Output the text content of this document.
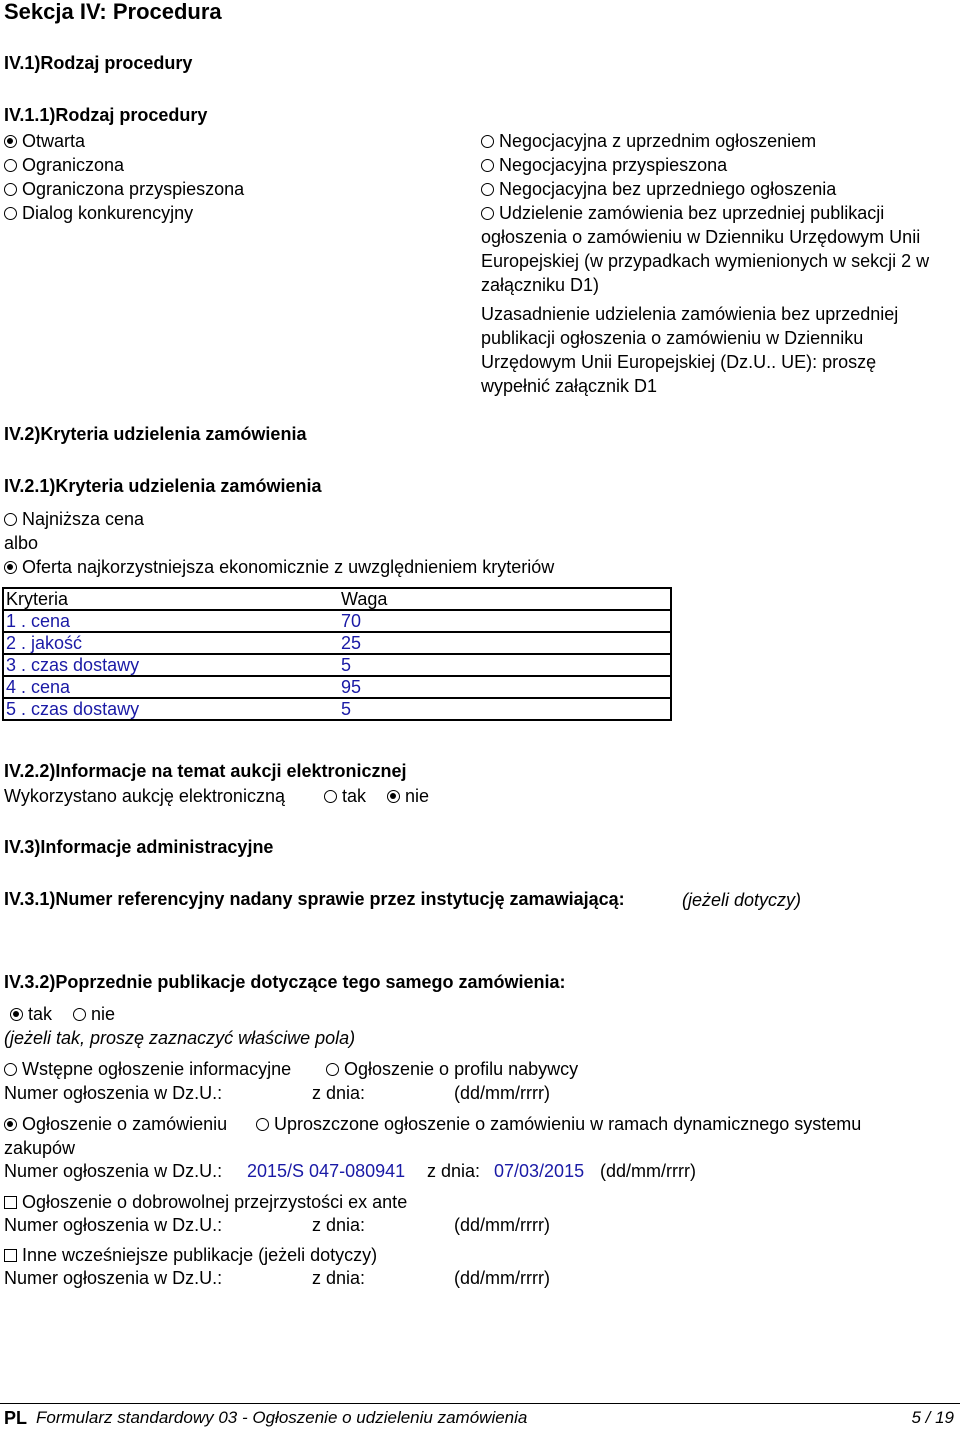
Sekcja IV: Procedura
IV.1)Rodzaj procedury
IV.1.1)Rodzaj procedury
Otwarta
Ograniczona
Ograniczona przyspieszona
Dialog konkurencyjny
Negocjacyjna z uprzednim ogłoszeniem
Negocjacyjna przyspieszona
Negocjacyjna bez uprzedniego ogłoszenia
Udzielenie zamówienia bez uprzedniej publikacji ogłoszenia o zamówieniu w Dzienniku Urzędowym Unii Europejskiej (w przypadkach wymienionych w sekcji 2 w załączniku D1)
Uzasadnienie udzielenia zamówienia bez uprzedniej publikacji ogłoszenia o zamówieniu w Dzienniku Urzędowym Unii Europejskiej (Dz.U.. UE): proszę wypełnić załącznik D1
IV.2)Kryteria udzielenia zamówienia
IV.2.1)Kryteria udzielenia zamówienia
Najniższa cena
albo
Oferta najkorzystniejsza ekonomicznie z uwzględnieniem kryteriów
Kryteria	Waga
1 . cena	70
2 . jakość	25
3 . czas dostawy	5
4 . cena	95
5 . czas dostawy	5
IV.2.2)Informacje na temat aukcji elektronicznej
Wykorzystano aukcję elektroniczną	tak	nie
IV.3)Informacje administracyjne
IV.3.1)Numer referencyjny nadany sprawie przez instytucję zamawiającą:	(jeżeli dotyczy)
IV.3.2)Poprzednie publikacje dotyczące tego samego zamówienia:
tak	nie
(jeżeli tak, proszę zaznaczyć właściwe pola)
Wstępne ogłoszenie informacyjne	Ogłoszenie o profilu nabywcy
Numer ogłoszenia w Dz.U.:	z dnia:	(dd/mm/rrrr)
Ogłoszenie o zamówieniu	Uproszczone ogłoszenie o zamówieniu w ramach dynamicznego systemu zakupów
Numer ogłoszenia w Dz.U.: 2015/S 047-080941 z dnia: 07/03/2015 (dd/mm/rrrr)
Ogłoszenie o dobrowolnej przejrzystości ex ante
Numer ogłoszenia w Dz.U.:	z dnia:	(dd/mm/rrrr)
Inne wcześniejsze publikacje (jeżeli dotyczy)
Numer ogłoszenia w Dz.U.:	z dnia:	(dd/mm/rrrr)
PL Formularz standardowy 03 - Ogłoszenie o udzieleniu zamówienia	5 / 19
